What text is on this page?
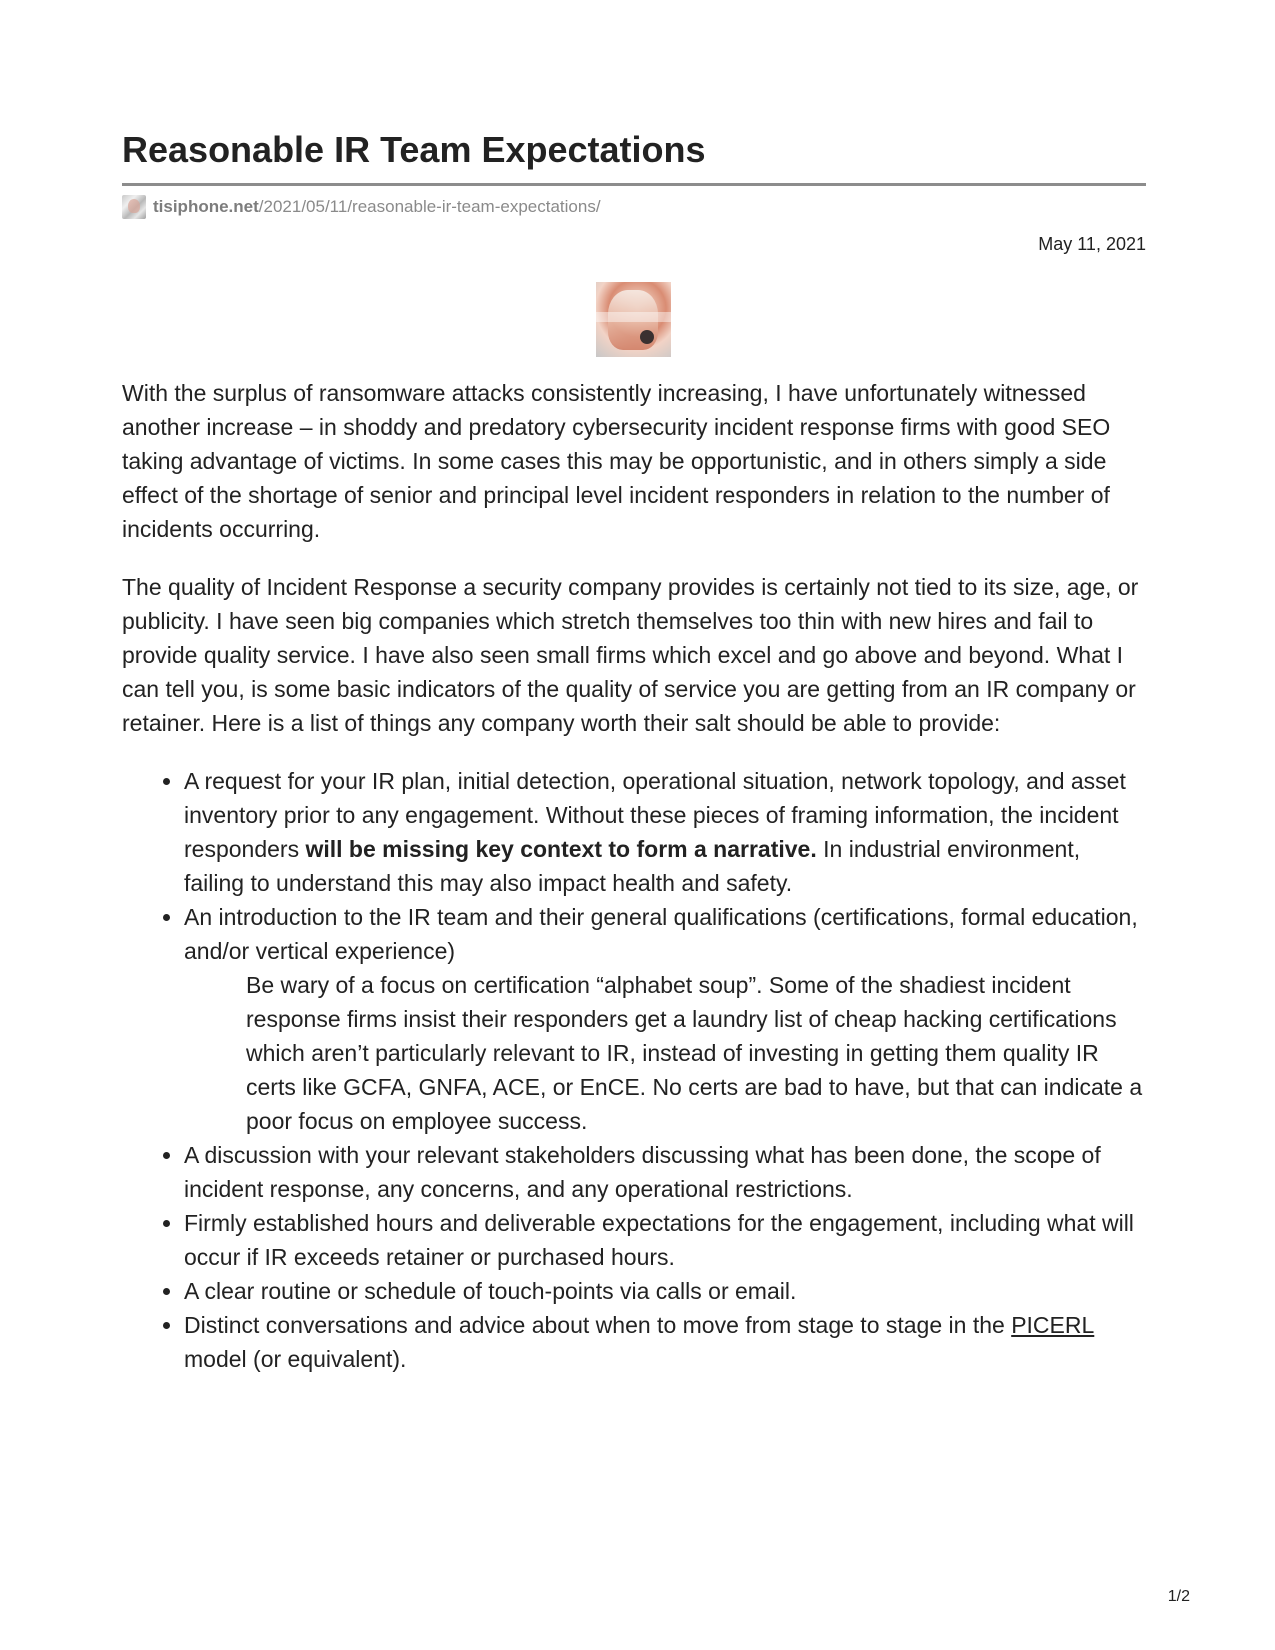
Reasonable IR Team Expectations
tisiphone.net /2021/05/11/reasonable-ir-team-expectations/
May 11, 2021

With the surplus of ransomware attacks consistently increasing, I have unfortunately witnessed another increase – in shoddy and predatory cybersecurity incident response firms with good SEO taking advantage of victims. In some cases this may be opportunistic, and in others simply a side effect of the shortage of senior and principal level incident responders in relation to the number of incidents occurring.

The quality of Incident Response a security company provides is certainly not tied to its size, age, or publicity. I have seen big companies which stretch themselves too thin with new hires and fail to provide quality service. I have also seen small firms which excel and go above and beyond. What I can tell you, is some basic indicators of the quality of service you are getting from an IR company or retainer. Here is a list of things any company worth their salt should be able to provide:

• A request for your IR plan, initial detection, operational situation, network topology, and asset inventory prior to any engagement. Without these pieces of framing information, the incident responders will be missing key context to form a narrative. In industrial environment, failing to understand this may also impact health and safety.
• An introduction to the IR team and their general qualifications (certifications, formal education, and/or vertical experience)
Be wary of a focus on certification “alphabet soup”. Some of the shadiest incident response firms insist their responders get a laundry list of cheap hacking certifications which aren’t particularly relevant to IR, instead of investing in getting them quality IR certs like GCFA, GNFA, ACE, or EnCE. No certs are bad to have, but that can indicate a poor focus on employee success.
• A discussion with your relevant stakeholders discussing what has been done, the scope of incident response, any concerns, and any operational restrictions.
• Firmly established hours and deliverable expectations for the engagement, including what will occur if IR exceeds retainer or purchased hours.
• A clear routine or schedule of touch-points via calls or email.
• Distinct conversations and advice about when to move from stage to stage in the PICERL model (or equivalent).
1/2
